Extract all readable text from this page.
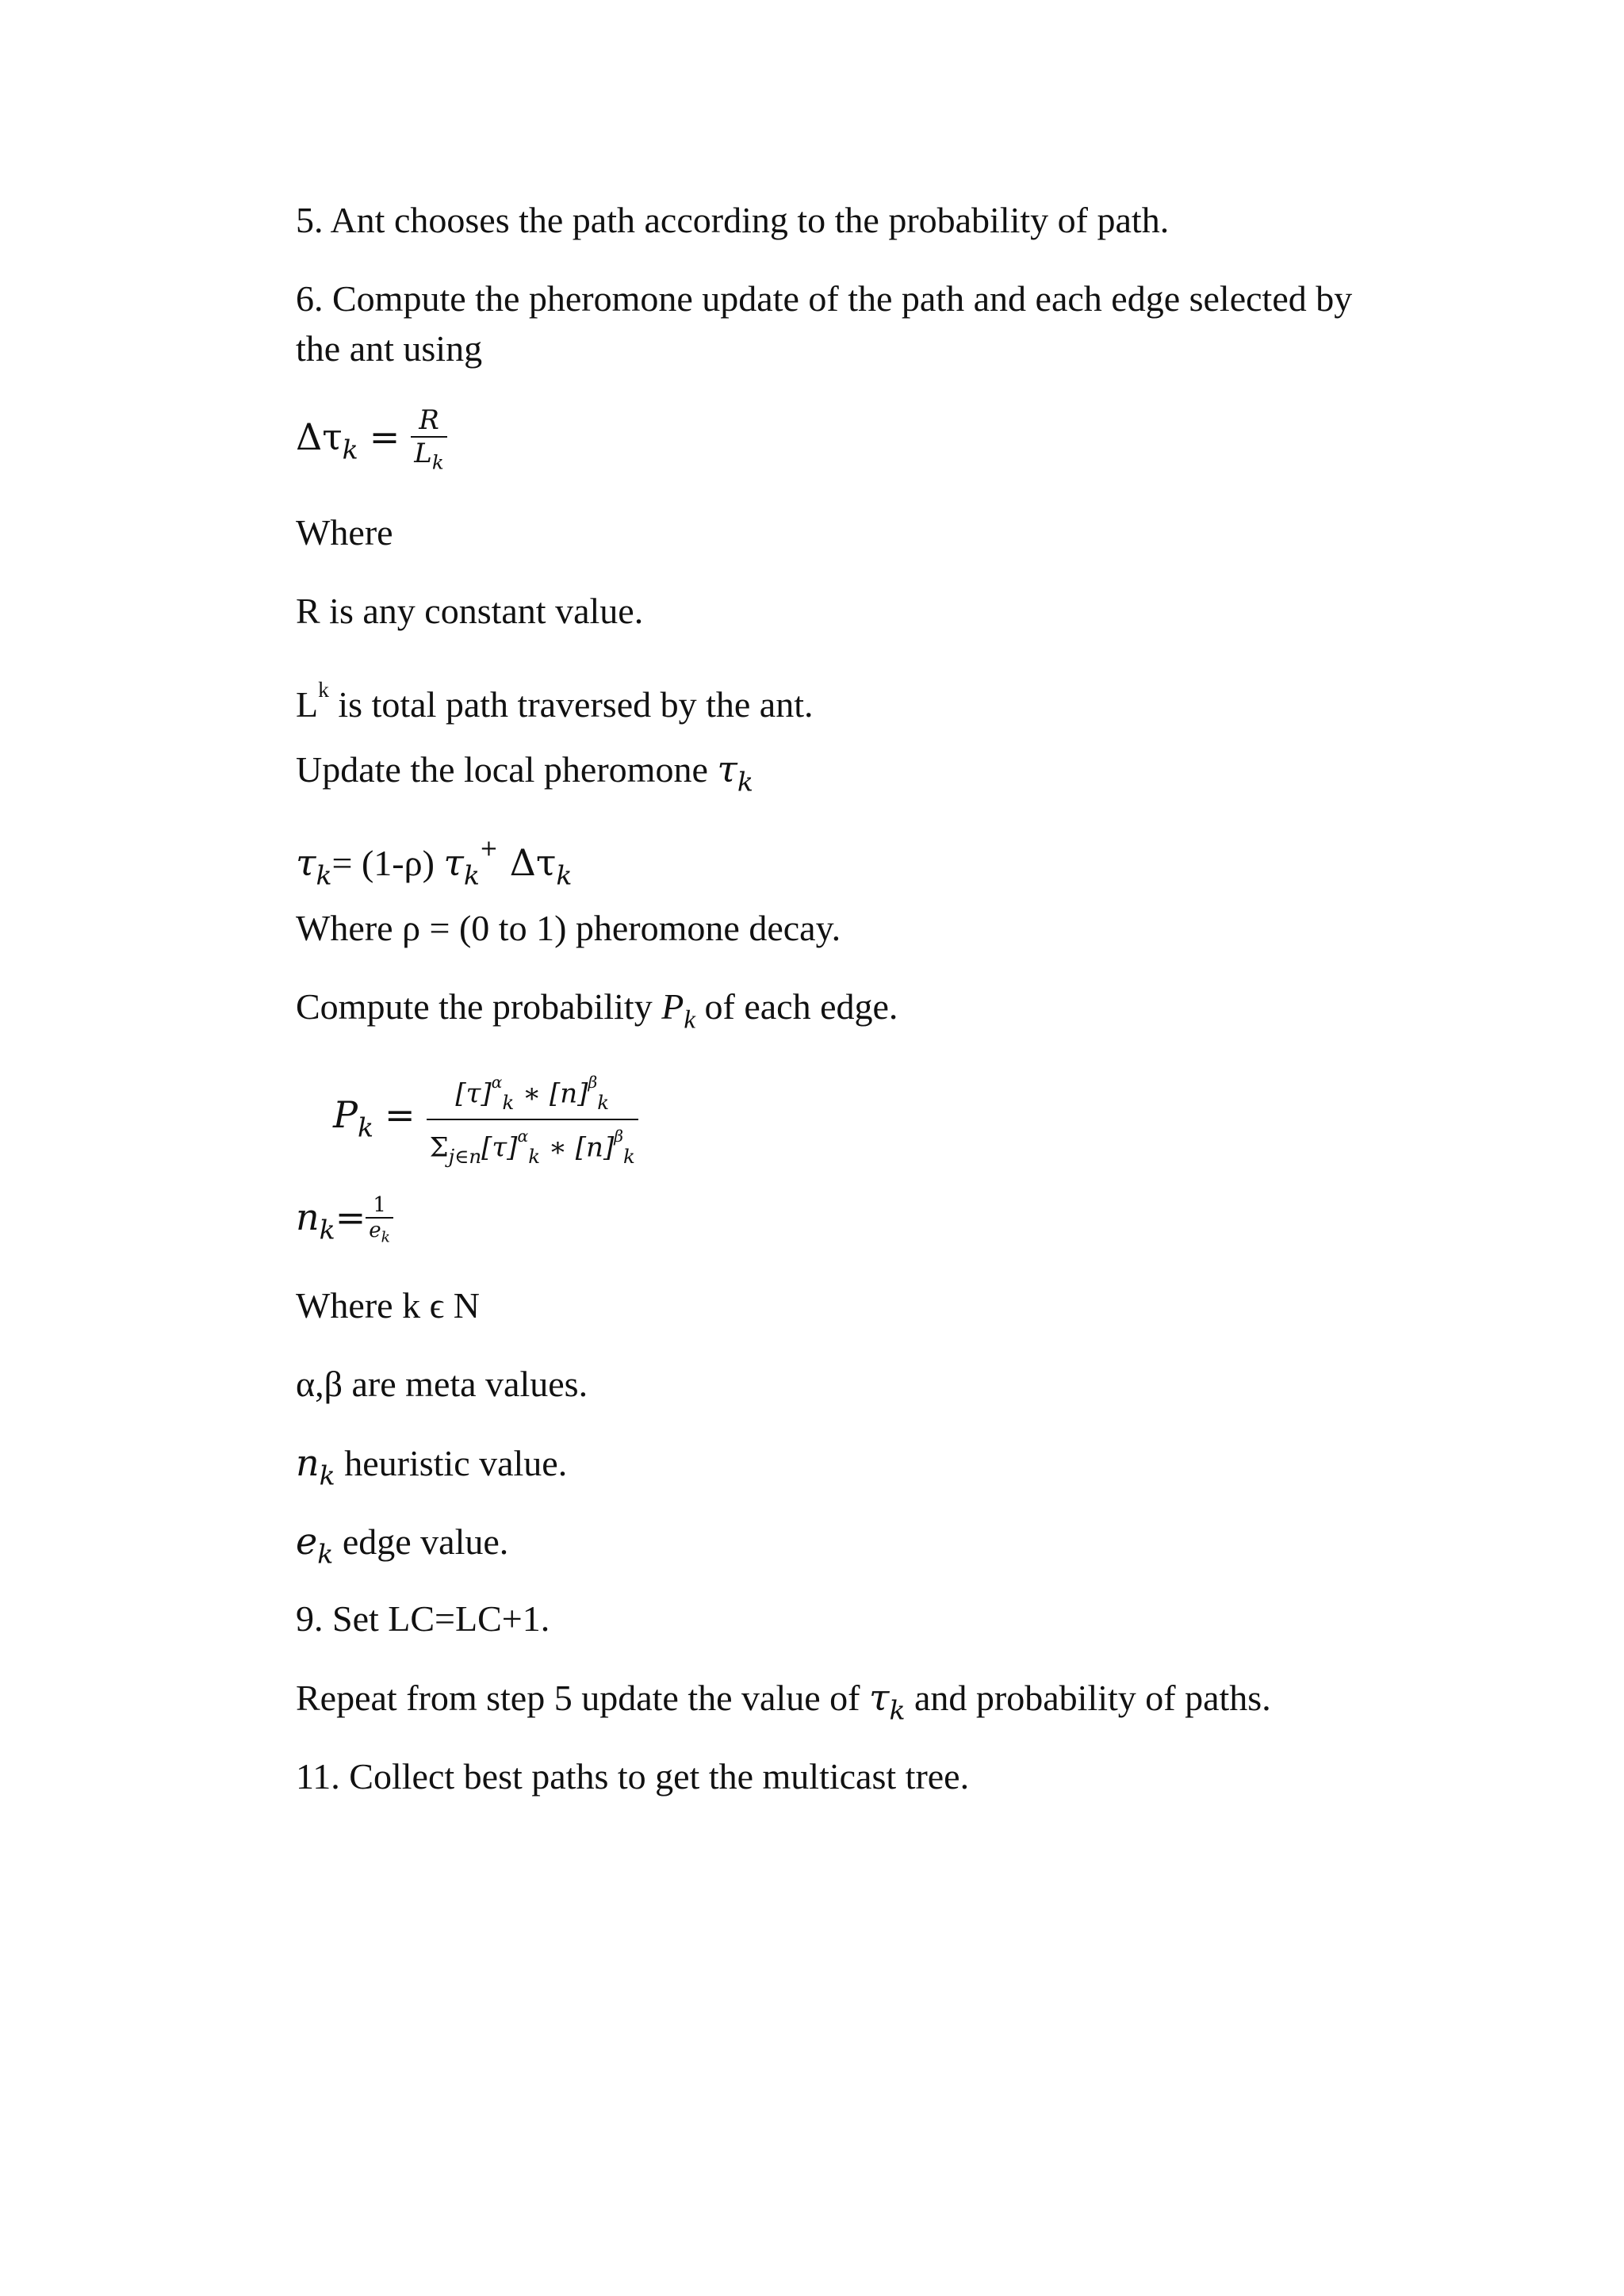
5. Ant chooses the path according to the probability of path.
6. Compute the pheromone update of the path and each edge selected by
the ant using
$\Delta\tau_k = \frac{R}{L_k}$
Where
R is any constant value.
$L^k$ is total path traversed by the ant.
Update the local pheromone $\tau_k$
$\tau_k= (1-\rho)$ $\tau_k^+$ $\Delta\tau_k$
Where ρ = (0 to 1) pheromone decay.
Compute the probability $P_k$ of each edge.
$P_k = \frac{[\tau]^\alpha_k ∗ [n]^\beta_k}{\Sigma_{j\in n}[\tau]^\alpha_k ∗ [n]^\beta_k}$
$n_k= \frac{1}{e_k}$
Where k ϵ N
α,β are meta values.
$n_k$ heuristic value.
$e_k$ edge value.
9. Set LC=LC+1.
Repeat from step 5 update the value of $\tau_k$ and probability of paths.
11. Collect best paths to get the multicast tree.
